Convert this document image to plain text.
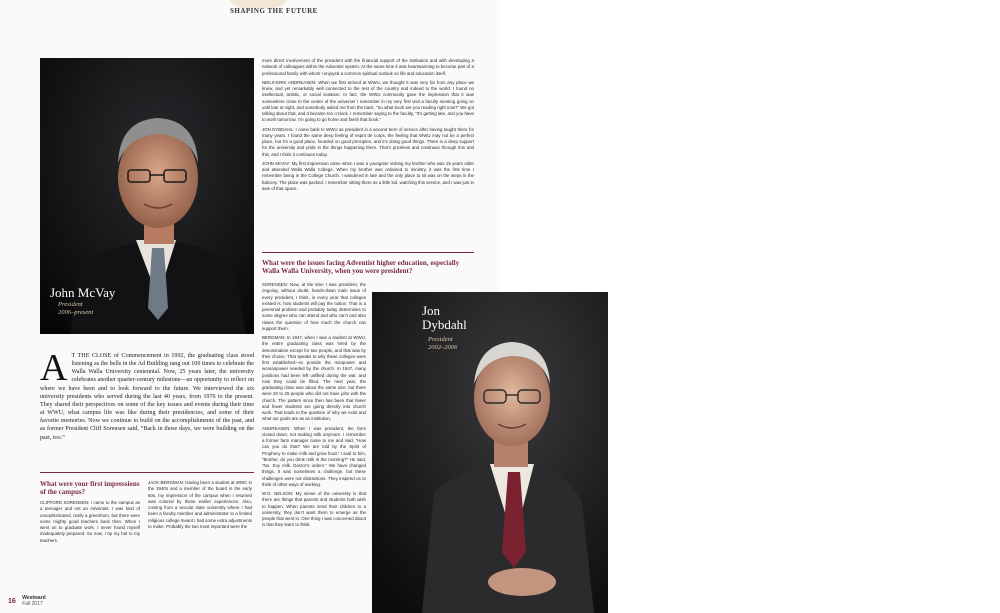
SHAPING THE FUTURE
John McVay
President
2006–present

more direct involvement of the president with the financial support of the institution and with developing a network of colleagues within the Adventist system. At the same time it was heartwarming to become part of a professional family with whom I enjoyed a common spiritual outlook on life and education itself.

NIELS-ERIK ANDREASEN: When we first arrived at WWU, we thought it was very far from any place we knew, and yet remarkably well connected to the rest of the country and indeed to the world. I found no intellectual, artistic, or social isolation. In fact, the WWU community gave the impression that it was somewhere close to the center of the universe! I remember in my very first visit a faculty meeting going on until late at night, and somebody asked me from the back, “So what book are you reading right now?” We got talking about that, and it became ten o’clock. I remember saying to the faculty, “It’s getting late, and you have to work tomorrow. I’m going to go home and finish that book.”

JON DYBDAHL: I came back to WWU as president in a second term of service after having taught there for many years. I found the same deep feeling of esprit de corps, the feeling that WWU may not be a perfect place, but it’s a good place, founded on good principles, and it’s doing good things. There is a deep support for the university and pride in the things happening there. That’s priceless and continues through this and this, and I think it continues today.

JOHN McVAY: My first impression came when I was a youngster visiting my brother who was 15 years older and attended Walla Walla College. When my brother was ordained to ministry, it was the first time I remember being in the College Church. I wandered in late and the only place to sit was on the steps in the balcony. The place was packed. I remember sitting there as a little kid, watching this service, and I was just in awe of that space.

What were the issues facing Adventist higher education, especially Walla Walla University, when you were president?
A T THE CLOSE of Commencement in 1992, the graduating class stood listening as the bells in the Ad Building rang out 100 times to celebrate the Walla Walla University centennial. Now, 25 years later, the university celebrates another quarter-century milestone—an opportunity to reflect on where we have been and to look forward to the future. We interviewed the six university presidents who served during the last 40 years, from 1976 to the present. They shared their perspectives on some of the key issues and events during their time at WWU, what campus life was like during their presidencies, and some of their favorite memories. Now we continue to build on the accomplishments of the past, and as former President Cliff Sorensen said, “Back in those days, we were building on the past, too.”
What were your first impressions of the campus?

CLIFFORD SORENSEN: I came to the campus as a teenager and not an Adventist. I was kind of unsophisticated, really a greenhorn, but there were some mighty good teachers back then. When I went on to graduate work, I never found myself inadequately prepared. So now, I tip my hat to my teachers.

JACK BERGMAN: Having been a student at WWC in the 1940s and a member of the board in the early 80s, my impression of the campus when I returned was colored by these earlier experiences. Also, coming from a secular state university where I had been a faculty member and administrator to a limited religious college meant I had some extra adjustments to make. Probably the two most important were the

SORENSEN: Now, at the time I was president, the ongoing, without doubt, hands-down main issue of every president, I think, in every year that colleges existed is, how students will pay the tuition. That is a perennial problem and probably today determines to some degree who can attend and who can’t and also raises the question of how much the church can support them.

BERGMAN: In 1947, when I was a student at WWU, the entire graduating class was hired by the denomination except for two people, and that was by their choice. That speaks to why these colleges were first established—to provide the manpower and womanpower needed by the church. In 1947, many positions had been left unfilled during the war, and now they could be filled. The next year, the graduating class was about the same size, but there were 20 to 25 people who did not have jobs with the church. The pattern since then has been that fewer and fewer students are going directly into church work. That leads to the question of why we exist and what our goals are as an institution.

ANDREASEN: When I was president, the farm closed down, not making milk anymore. I remember a former farm manager came to me and said, “How can you do that? We are told by the Spirit of Prophecy to make milk and grow food.” I said to him, “Brother, do you drink milk in the morning?” He said, “No. Soy milk. Doctor’s orders.” We have changed things. It was sometimes a challenge, but these challenges were not distractions. They inspired us to think of other ways of working.

W.G. NELSON: My sense of the university is that there are things that parents and students both wish to happen. When parents send their children to a university, they don’t want them to emerge as the people that went in. One thing I was concerned about is that they learn to think

16 Westward
Fall 2017
Jon Dybdahl
President
2002–2006

for themselves and think critically always within a context that they honor other thought traditions with which they might disagree.

DYBDAHL: I sensed that there was an openness at WWU and maybe a hunger for the spiritual life. I had little cards printed, “Pray for Walla Walla.” There were maybe people who chuckled about that, but many said, “We appreciate that kind of thing.” Whatever happens at WWU, we need prayer. We need God’s presence and God’s guidance. That was important to me, and I think it was to the campus.

McVAY: One thing that has unfolded fairly dramatically has been the burgeoning of technology and with it the democratization and individualization of that technology. Many of us have smart phones and are on these amazing social networks, and that has brought some interesting issues for higher education, such as the role of online education and how it compares to a full residential experience. At the beginning of my presidency, we would never have imagined using our phones as a portal for education. Now it is commonplace.

SORENSEN: During my time, we lost Columbia Auditorium, a real blow because many of us graduated there, many alumni had been married there, and we all remembered attending programs there. It had a history and an ambience that spoke to the heart of the institution. But we also constructed the new IT building, and we built it with a lot of do-it-yourself resources. I remember faculty pouring concrete and hauling bricks to build that building.

BERGMAN: When I arrived on campus I found a million dollar shortfall in the budget, as a result of a sharp decline in enrollment. When I left, there was a million dollars in the budget that was not committed to anything and more than 200 students over the number of four years earlier. These changes came about in a large part by the establishment of procedural programs for student recruitment and retention and for financial development. The success of these programs was the result of the cooperation of faculty, staff, and administration. I learned a great deal about the challenges a president faces in serving a series of constituencies—faculty, students, staff, parents, board, and church leadership and members. Any statement or decision a president makes will likely please some and just as likely displease others.

H. Jack Bergman ’48
President
1985–1990

ANDREASEN: During my time at WWU the cost of one year in college passed $10,000, and we thought the world would soon come to an end. But it was a transition and we made it, got ten years of regional accreditation, and enjoyed a period of confidence that this would work for us and the institution would prosper, despite financial issues in the farm and dairy. And we were right. The college prospered and became a university along the way.

DYBDAHL: It was touch and go the whole way, but we finally got the name changed from College to University. The actual official name-change took place a month after I left office, but the very day I was leaving office, it was voted by the constituency. It was a challenge because there were many ideas about what the name should be. I wasn’t sure it was going to happen until the very end, but lo and behold, it did.

NELSON: I view education as a calling. In the church there’s a perception that having an educated church population has been of infinite value. It’s a privilege to be involved in church higher education, but I’m not

sure that there is an awareness of how hard faculty work, of the kinds of things that they do of the level or the depth of their commitment to the church and what it stands for.

McVAY: The one topic that has emerged strongly during this time and will remain with us, for lack of a better term, is sexual ethics or sexual identity issues and the proper way for a Christian higher education campus—and the same at the Adventist campus—to relate to those issues. Certainly in terms of controversy that’s a pretty significant suite of issues.

What inspired you most and sustained you during your years as president?

BERGMAN: I appreciated our theology staff. They were not only a supportive group, but they managed to avoid the harshness that some people have in dealing with disagreements. The theology staff were excellent examples of how to deal with the issues of the day and how to deal with people who need help and understanding.

ANDREASEN: I came to WWU from being a dean for one year and a faculty member for some 20 years.

The faculty connection was still in my blood, and I felt the WWU family accepted me as a colleague, not just an administrator. I would be stopped on the sidewalk by a Loren Dickinson or a Donnie Rigby from communications for a conversation about ideas. The centennial celebration in 1992 brought reflection and hope at the same time. I was impressed that the founders of the school decided to build a full-fledged college “out where the west winds blow.” It was brave and it is a legacy worth emulating and preserving.

DYBDAHL: I had some physical challenges when I began at WWU, a recurrence of cancer. I have this picture in my mind of the cabinet members with crazy hats. They knew that I was going to lose my hair from chemotherapy. I found that the humor lifted my spirits, and the kindness and sensitivity of my colleagues was very meaningful.

McVAY: There are moments of being with real, live WWU students, listening to them and experiencing their lives, being able to be a part of their rich lives and see what this education means to them. An honors class on the Gospel of Mark that I learn-teach with Bev Beem provides one such occasion for me. Another comes from Friday

Westward
Fall 2017 17
